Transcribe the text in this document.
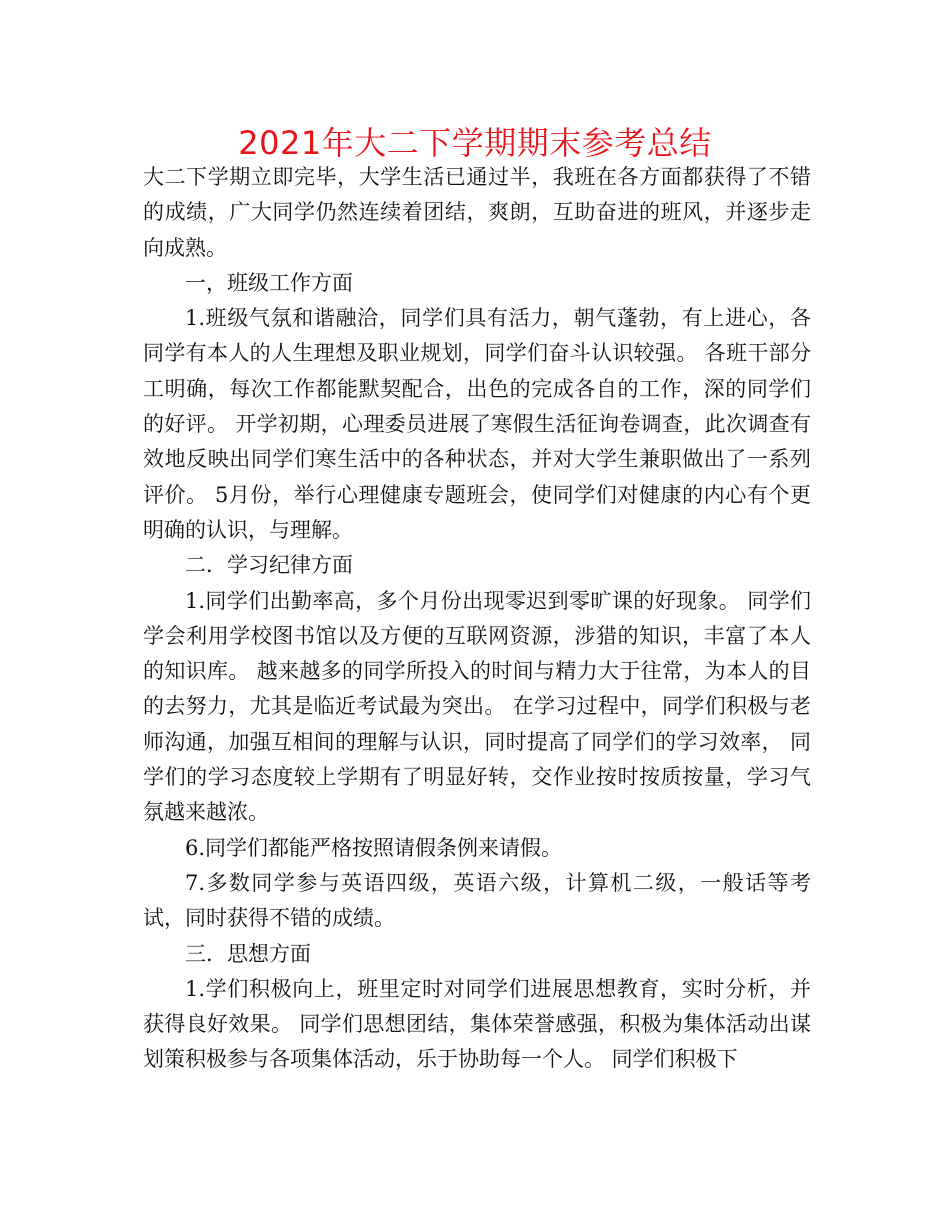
2021年大二下学期期末参考总结

大二下学期立即完毕，大学生活已通过半，我班在各方面都获得了不错的成绩，广大同学仍然连续着团结，爽朗，互助奋进的班风，并逐步走向成熟。

一，班级工作方面

1.班级气氛和谐融洽，同学们具有活力，朝气蓬勃，有上进心，各同学有本人的人生理想及职业规划，同学们奋斗认识较强。 各班干部分工明确，每次工作都能默契配合，出色的完成各自的工作，深的同学们的好评。 开学初期，心理委员进展了寒假生活征询卷调查，此次调查有效地反映出同学们寒生活中的各种状态，并对大学生兼职做出了一系列评价。 5月份，举行心理健康专题班会，使同学们对健康的内心有个更明确的认识，与理解。

二．学习纪律方面

1.同学们出勤率高，多个月份出现零迟到零旷课的好现象。 同学们学会利用学校图书馆以及方便的互联网资源，涉猎的知识，丰富了本人的知识库。 越来越多的同学所投入的时间与精力大于往常，为本人的目的去努力，尤其是临近考试最为突出。 在学习过程中，同学们积极与老师沟通，加强互相间的理解与认识，同时提高了同学们的学习效率， 同学们的学习态度较上学期有了明显好转，交作业按时按质按量，学习气氛越来越浓。

6.同学们都能严格按照请假条例来请假。

7.多数同学参与英语四级，英语六级，计算机二级，一般话等考试，同时获得不错的成绩。

三．思想方面

1.学们积极向上，班里定时对同学们进展思想教育，实时分析，并获得良好效果。 同学们思想团结，集体荣誉感强，积极为集体活动出谋划策积极参与各项集体活动，乐于协助每一个人。 同学们积极下
